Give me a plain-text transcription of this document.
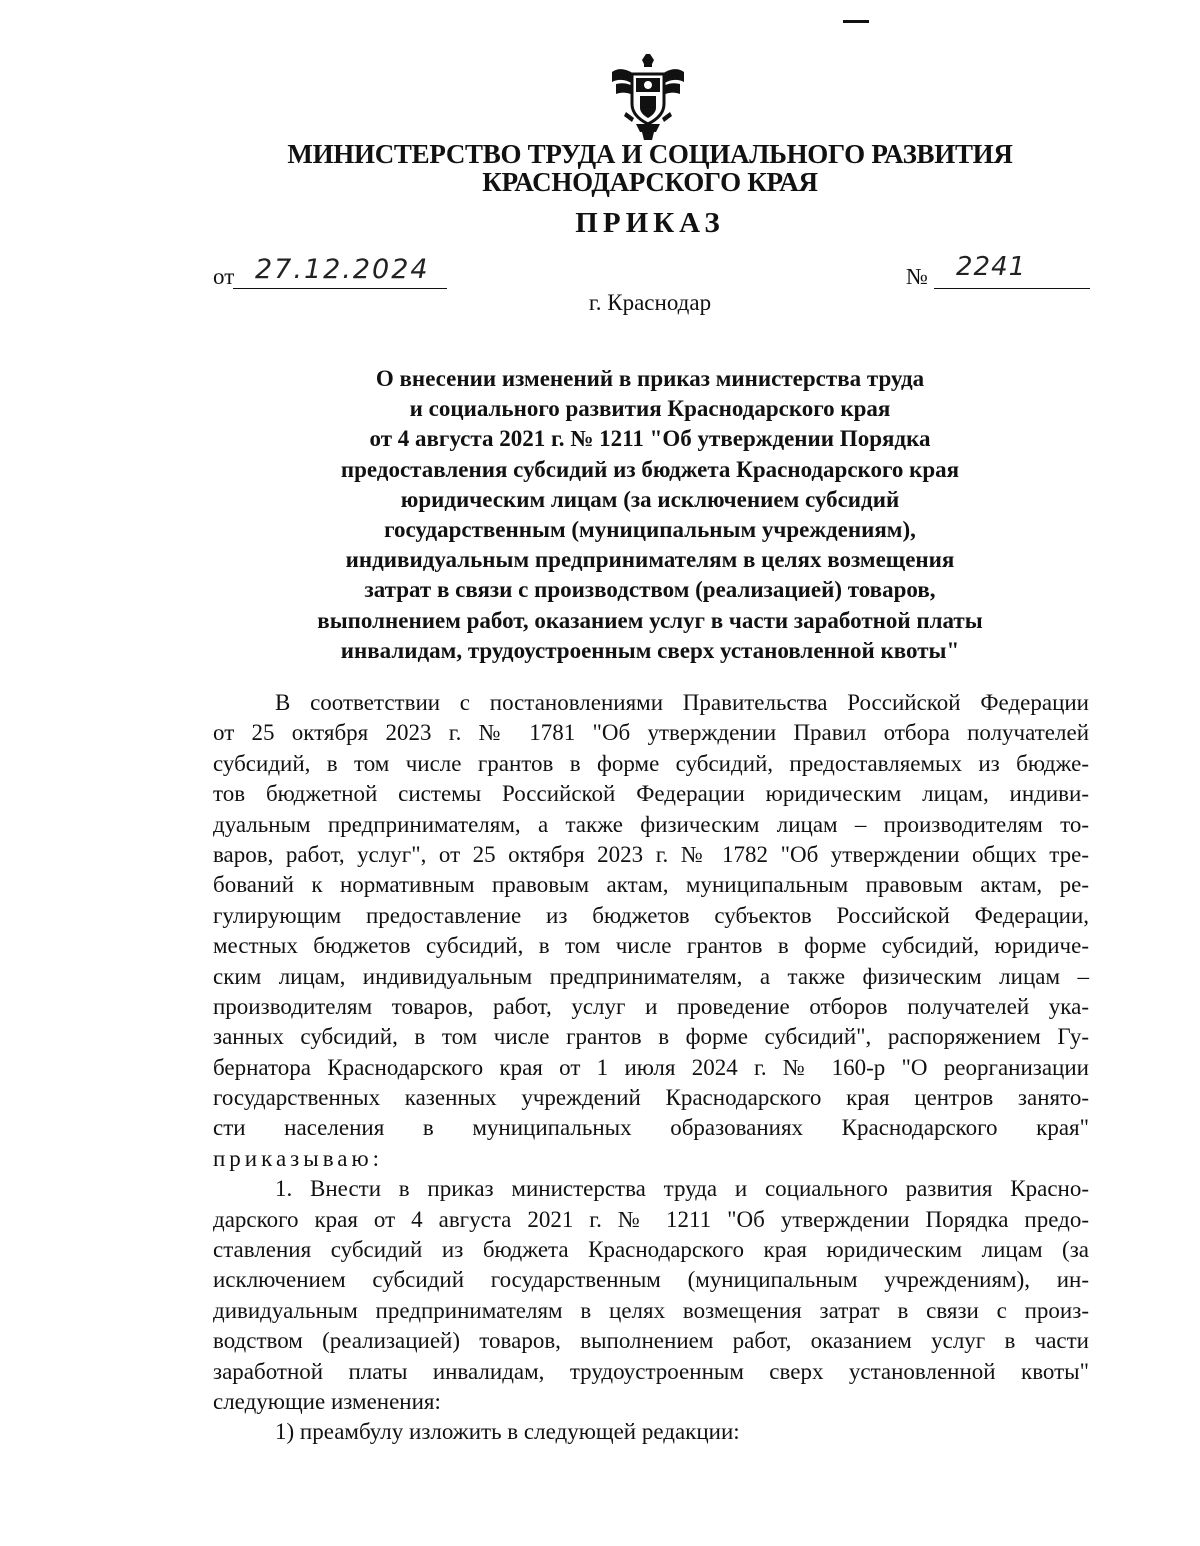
МИНИСТЕРСТВО ТРУДА И СОЦИАЛЬНОГО РАЗВИТИЯ
КРАСНОДАРСКОГО КРАЯ
ПРИКАЗ
от 27.12.2024	№ 2241
г. Краснодар
О внесении изменений в приказ министерства труда
и социального развития Краснодарского края
от 4 августа 2021 г. № 1211 "Об утверждении Порядка
предоставления субсидий из бюджета Краснодарского края
юридическим лицам (за исключением субсидий
государственным (муниципальным учреждениям),
индивидуальным предпринимателям в целях возмещения
затрат в связи с производством (реализацией) товаров,
выполнением работ, оказанием услуг в части заработной платы
инвалидам, трудоустроенным сверх установленной квоты"
В соответствии с постановлениями Правительства Российской Федерации
от 25 октября 2023 г. № 1781 "Об утверждении Правил отбора получателей
субсидий, в том числе грантов в форме субсидий, предоставляемых из бюдже-
тов бюджетной системы Российской Федерации юридическим лицам, индиви-
дуальным предпринимателям, а также физическим лицам – производителям то-
варов, работ, услуг", от 25 октября 2023 г. № 1782 "Об утверждении общих тре-
бований к нормативным правовым актам, муниципальным правовым актам, ре-
гулирующим предоставление из бюджетов субъектов Российской Федерации,
местных бюджетов субсидий, в том числе грантов в форме субсидий, юридиче-
ским лицам, индивидуальным предпринимателям, а также физическим лицам –
производителям товаров, работ, услуг и проведение отборов получателей ука-
занных субсидий, в том числе грантов в форме субсидий", распоряжением Гу-
бернатора Краснодарского края от 1 июля 2024 г. № 160-р "О реорганизации
государственных казенных учреждений Краснодарского края центров занято-
сти населения в муниципальных образованиях Краснодарского края"
приказываю:
1. Внести в приказ министерства труда и социального развития Красно-
дарского края от 4 августа 2021 г. № 1211 "Об утверждении Порядка предо-
ставления субсидий из бюджета Краснодарского края юридическим лицам (за
исключением субсидий государственным (муниципальным учреждениям), ин-
дивидуальным предпринимателям в целях возмещения затрат в связи с произ-
водством (реализацией) товаров, выполнением работ, оказанием услуг в части
заработной платы инвалидам, трудоустроенным сверх установленной квоты"
следующие изменения:
1) преамбулу изложить в следующей редакции:
